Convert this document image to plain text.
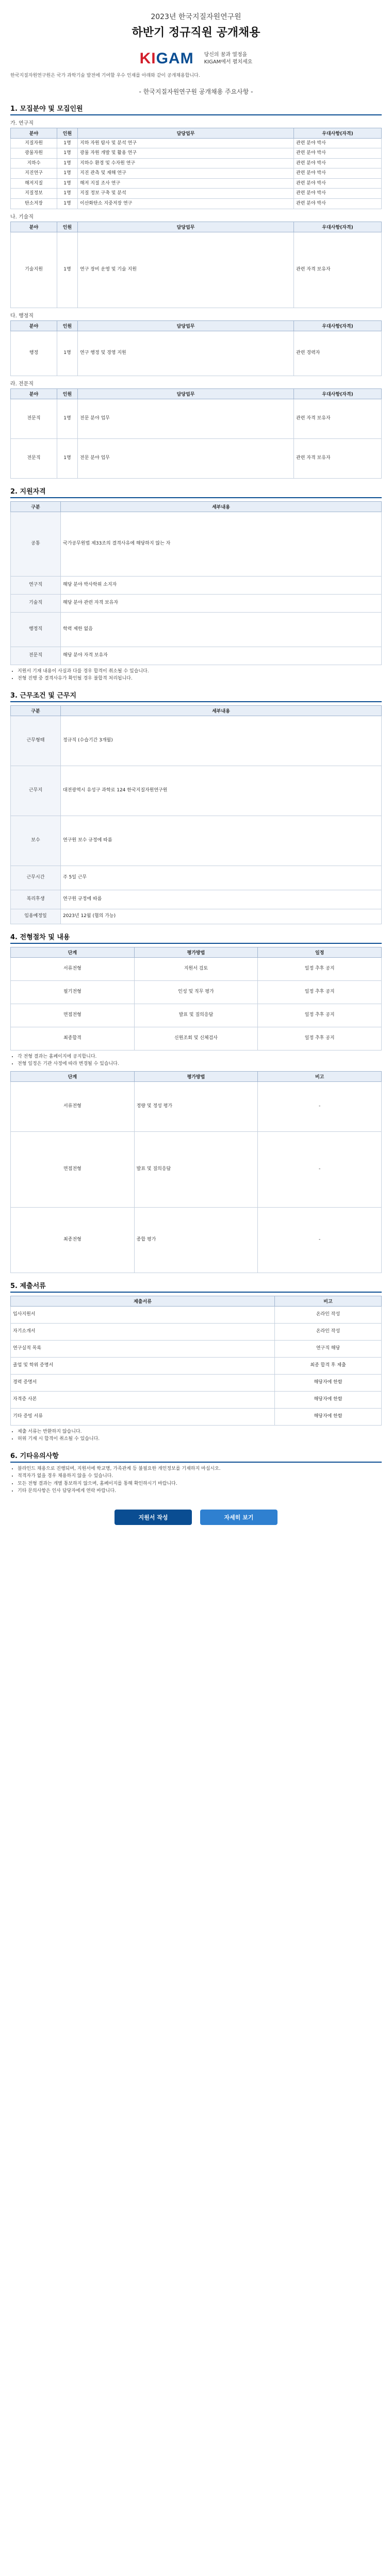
2023년 한국지질자원연구원
하반기 정규직원 공개채용
KIGAM 당신의 꿈과 열정을
KIGAM에서 펼치세요
한국지질자원연구원은 국가 과학기술 발전에 기여할 우수 인재를 아래와 같이 공개채용합니다.
- 한국지질자원연구원 공개채용 주요사항 -
1. 모집분야 및 모집인원
가. 연구직
분야	인원	담당업무	우대사항(자격)
지질자원	1명	지하 자원 탐사 및 분석 연구	관련 분야 박사
광물자원	1명	광물 자원 개발 및 활용 연구	관련 분야 박사
지하수	1명	지하수 환경 및 수자원 연구	관련 분야 박사
지진연구	1명	지진 관측 및 재해 연구	관련 분야 박사
해저지질	1명	해저 지질 조사 연구	관련 분야 박사
지질정보	1명	지질 정보 구축 및 분석	관련 분야 박사
탄소저장	1명	이산화탄소 지중저장 연구	관련 분야 박사
나. 기술직
분야	인원	담당업무	우대사항(자격)
기술지원	1명	연구 장비 운영 및 기술 지원	관련 자격 보유자
다. 행정직
분야	인원	담당업무	우대사항(자격)
행정	1명	연구 행정 및 경영 지원	관련 경력자
라. 전문직
분야	인원	담당업무	우대사항(자격)
전문직	1명	전문 분야 업무	관련 자격 보유자
전문직	1명	전문 분야 업무	관련 자격 보유자
2. 지원자격
구분	세부내용
공통	국가공무원법 제33조의 결격사유에 해당하지 않는 자
연구직	해당 분야 박사학위 소지자
기술직	해당 분야 관련 자격 보유자
행정직	학력 제한 없음
전문직	해당 분야 자격 보유자
• 지원서 기재 내용이 사실과 다를 경우 합격이 취소될 수 있습니다.
• 전형 진행 중 결격사유가 확인될 경우 불합격 처리됩니다.
3. 근무조건 및 근무지
구분	세부내용
근무형태	정규직 (수습기간 3개월)
근무지	대전광역시 유성구 과학로 124 한국지질자원연구원
보수	연구원 보수 규정에 따름
근무시간	주 5일 근무
복리후생	연구원 규정에 따름
임용예정일	2023년 12월 (협의 가능)
4. 전형절차 및 내용
단계	평가방법	일정
서류전형	지원서 검토	일정 추후 공지
필기전형	인성 및 직무 평가	일정 추후 공지
면접전형	발표 및 질의응답	일정 추후 공지
최종합격	신원조회 및 신체검사	일정 추후 공지
• 각 전형 결과는 홈페이지에 공지합니다.
• 전형 일정은 기관 사정에 따라 변경될 수 있습니다.
단계	평가방법	비고
서류전형	정량 및 정성 평가	-
면접전형	발표 및 질의응답	-
최종전형	종합 평가	-
5. 제출서류
제출서류	비고
입사지원서	온라인 작성
자기소개서	온라인 작성
연구실적 목록	연구직 해당
졸업 및 학위 증명서	최종 합격 후 제출
경력 증명서	해당자에 한함
자격증 사본	해당자에 한함
기타 증빙 서류	해당자에 한함
• 제출 서류는 반환하지 않습니다.
• 허위 기재 시 합격이 취소될 수 있습니다.
6. 기타유의사항
• 블라인드 채용으로 진행되며, 지원서에 학교명, 가족관계 등 불필요한 개인정보를 기재하지 마십시오.
• 적격자가 없을 경우 채용하지 않을 수 있습니다.
• 모든 전형 결과는 개별 통보하지 않으며, 홈페이지를 통해 확인하시기 바랍니다.
• 기타 문의사항은 인사 담당자에게 연락 바랍니다.
지원서 작성	자세히 보기
